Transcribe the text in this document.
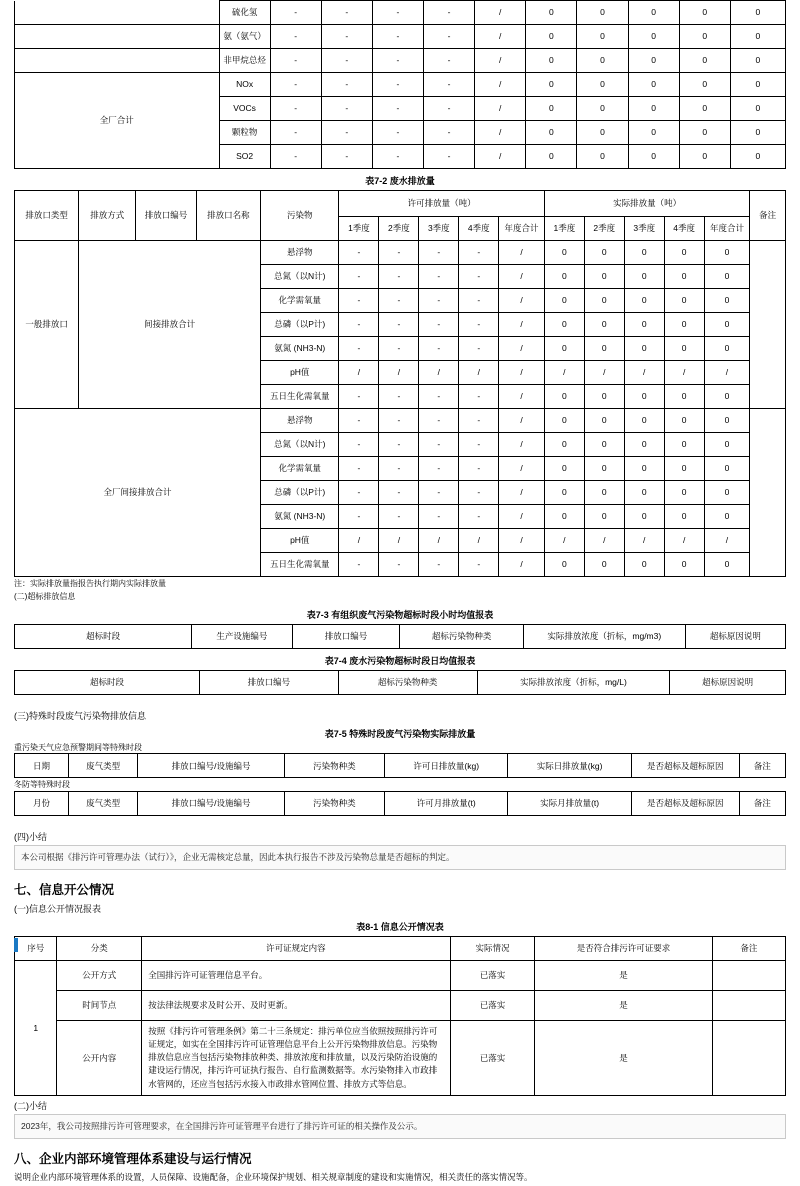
			硫化氢	-	-	-	-	/	0	0	0	0	0
			氨（氨气）	-	-	-	-	/	0	0	0	0	0
			非甲烷总烃	-	-	-	-	/	0	0	0	0	0
全厂合计			NOx	-	-	-	-	/	0	0	0	0	0
			VOCs	-	-	-	-	/	0	0	0	0	0
			颗粒物	-	-	-	-	/	0	0	0	0	0
			SO2	-	-	-	-	/	0	0	0	0	0
表7-2 废水排放量
排放口类型	排放方式	排放口编号	排放口名称	污染物	许可排放量（吨）					实际排放量（吨）					备注
					1季度	2季度	3季度	4季度	年度合计	1季度	2季度	3季度	4季度	年度合计	
一般排放口	间接排放合计			悬浮物	-	-	-	-	/	0	0	0	0	0	
				总氮（以N计)	-	-	-	-	/	0	0	0	0	0	
				化学需氧量	-	-	-	-	/	0	0	0	0	0	
				总磷（以P计)	-	-	-	-	/	0	0	0	0	0	
				氨氮 (NH3-N)	-	-	-	-	/	0	0	0	0	0	
				pH值	/	/	/	/	/	/	/	/	/	/	
				五日生化需氧量	-	-	-	-	/	0	0	0	0	0	
全厂间接排放合计				悬浮物	-	-	-	-	/	0	0	0	0	0	
				总氮（以N计)	-	-	-	-	/	0	0	0	0	0	
				化学需氧量	-	-	-	-	/	0	0	0	0	0	
				总磷（以P计)	-	-	-	-	/	0	0	0	0	0	
				氨氮 (NH3-N)	-	-	-	-	/	0	0	0	0	0	
				pH值	/	/	/	/	/	/	/	/	/	/	
				五日生化需氧量	-	-	-	-	/	0	0	0	0	0	
注：实际排放量指报告执行期内实际排放量
(二)超标排放信息
表7-3 有组织废气污染物超标时段小时均值报表
超标时段	生产设施编号	排放口编号	超标污染物种类	实际排放浓度（折标，mg/m3)	超标原因说明
表7-4 废水污染物超标时段日均值报表
超标时段	排放口编号	超标污染物种类	实际排放浓度（折标，mg/L)	超标原因说明
(三)特殊时段废气污染物排放信息
表7-5 特殊时段废气污染物实际排放量
重污染天气应急预警期间等特殊时段
日期	废气类型	排放口编号/设施编号	污染物种类	许可日排放量(kg)	实际日排放量(kg)	是否超标及超标原因	备注
冬防等特殊时段
月份	废气类型	排放口编号/设施编号	污染物种类	许可月排放量(t)	实际月排放量(t)	是否超标及超标原因	备注
(四)小结
本公司根据《排污许可管理办法（试行）》，企业无需核定总量，因此本执行报告不涉及污染物总量是否超标的判定。
七、信息开公情况
(一)信息公开情况报表
表8-1 信息公开情况表
序号	分类	许可证规定内容	实际情况	是否符合排污许可证要求	备注
1	公开方式	全国排污许可证管理信息平台。	已落实	是	
	时间节点	按法律法规要求及时公开、及时更新。	已落实	是	
	公开内容	按照《排污许可管理条例》第二十三条规定：排污单位应当依照按照排污许可证规定，如实在全国排污许可证管理信息平台上公开污染物排放信息。污染物排放信息应当包括污染物排放种类、排放浓度和排放量，以及污染防治设施的建设运行情况，排污许可证执行报告、自行监测数据等。水污染物排入市政排水管网的，还应当包括污水接入市政排水管网位置、排放方式等信息。	已落实	是	
(二)小结
2023年，我公司按照排污许可管理要求，在全国排污许可证管理平台进行了排污许可证的相关操作及公示。
八、企业内部环境管理体系建设与运行情况
说明企业内部环境管理体系的设置，人员保障、设施配备，企业环境保护规划、相关规章制度的建设和实施情况，相关责任的落实情况等。
